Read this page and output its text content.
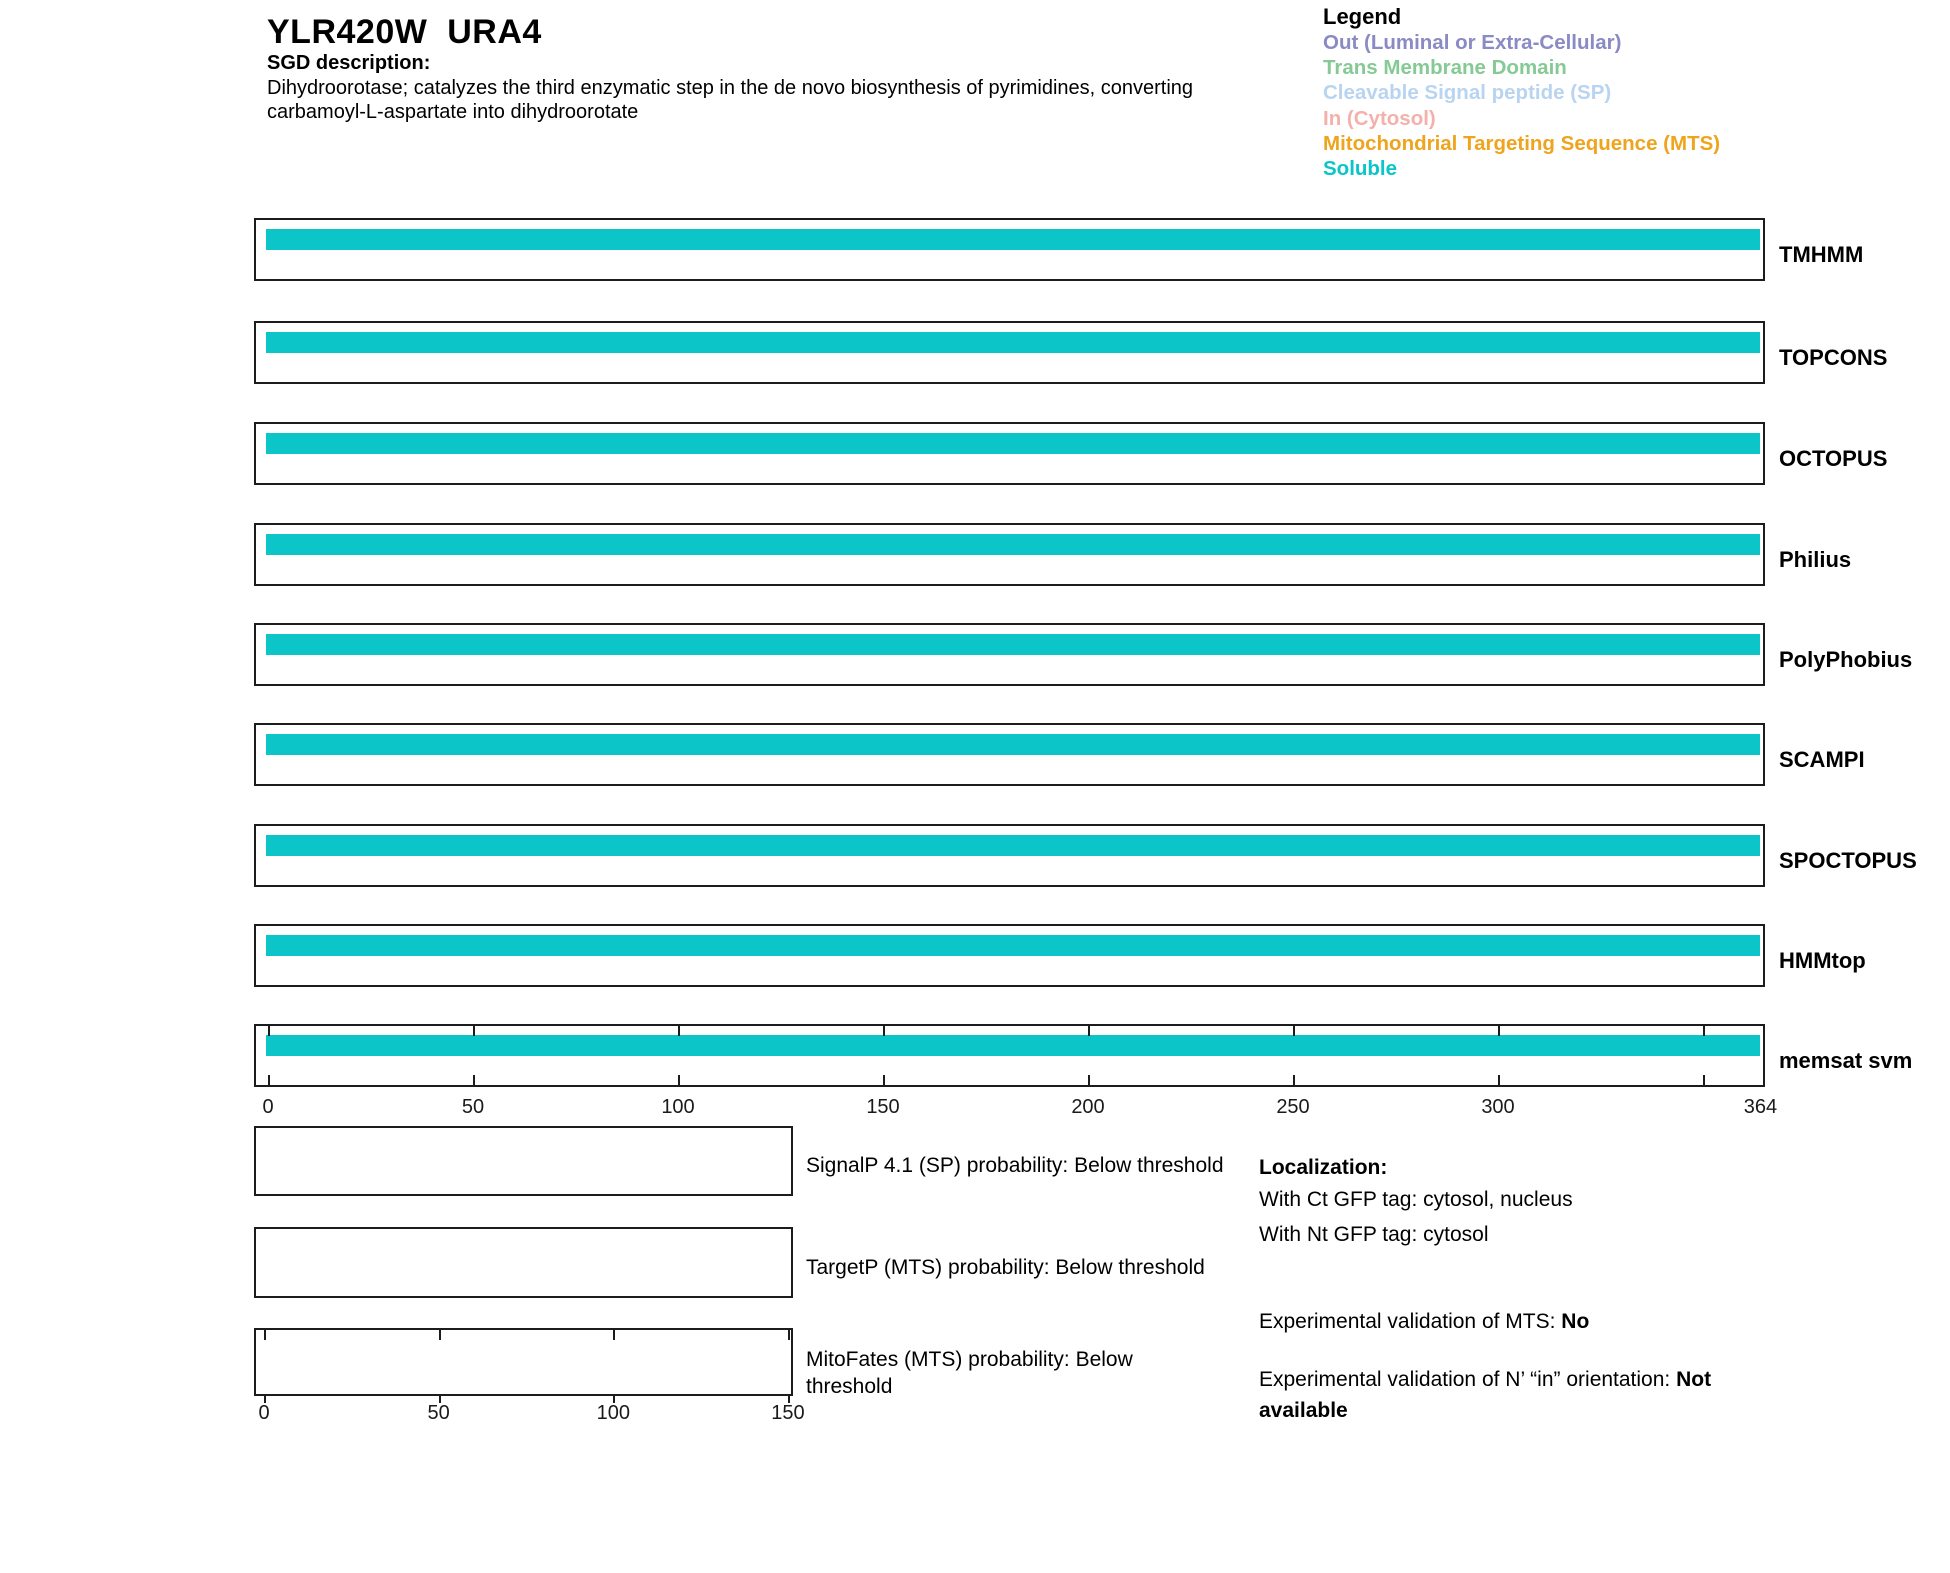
YLR420W  URA4
SGD description:
Dihydroorotase; catalyzes the third enzymatic step in the de novo biosynthesis of pyrimidines, converting
carbamoyl-L-aspartate into dihydroorotate
Legend
Out (Luminal or Extra-Cellular)
Trans Membrane Domain
Cleavable Signal peptide (SP)
In (Cytosol)
Mitochondrial Targeting Sequence (MTS)
Soluble
TMHMM
TOPCONS
OCTOPUS
Philius
PolyPhobius
SCAMPI
SPOCTOPUS
HMMtop
memsat svm
0	50	100	150	200	250	300	364
0	50	100	150
SignalP 4.1 (SP) probability: Below threshold
TargetP (MTS) probability: Below threshold
MitoFates (MTS) probability: Below threshold
Localization:
With Ct GFP tag: cytosol, nucleus
With Nt GFP tag: cytosol
Experimental validation of MTS: No
Experimental validation of N’ “in” orientation: Not available
